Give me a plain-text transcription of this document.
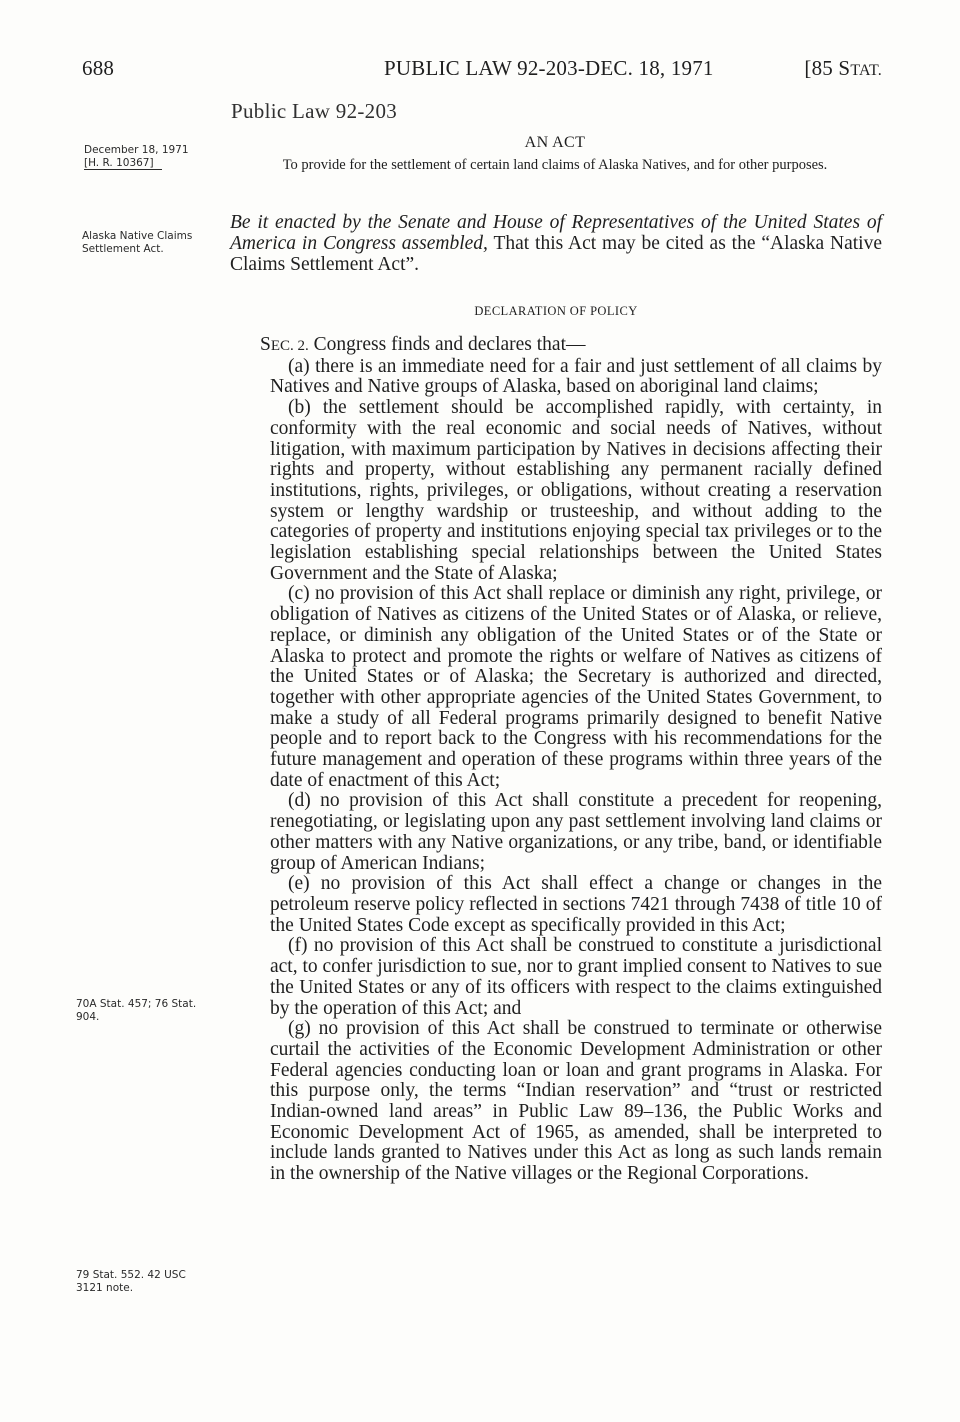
688	PUBLIC LAW 92-203-DEC. 18, 1971	[85 STAT.
Public Law 92-203
AN ACT
To provide for the settlement of certain land claims of Alaska Natives, and for other purposes.
December 18, 1971
[H. R. 10367]
Alaska Native Claims Settlement Act.
70A Stat. 457; 76 Stat. 904.
79 Stat. 552. 42 USC 3121 note.
Be it enacted by the Senate and House of Representatives of the United States of America in Congress assembled, That this Act may be cited as the “Alaska Native Claims Settlement Act”.
DECLARATION OF POLICY

SEC. 2. Congress finds and declares that—

(a) there is an immediate need for a fair and just settlement of all claims by Natives and Native groups of Alaska, based on aboriginal land claims;

(b) the settlement should be accomplished rapidly, with certainty, in conformity with the real economic and social needs of Natives, without litigation, with maximum participation by Natives in decisions affecting their rights and property, without establishing any permanent racially defined institutions, rights, privileges, or obligations, without creating a reservation system or lengthy wardship or trusteeship, and without adding to the categories of property and institutions enjoying special tax privileges or to the legislation establishing special relationships between the United States Government and the State of Alaska;

(c) no provision of this Act shall replace or diminish any right, privilege, or obligation of Natives as citizens of the United States or of Alaska, or relieve, replace, or diminish any obligation of the United States or of the State or Alaska to protect and promote the rights or welfare of Natives as citizens of the United States or of Alaska; the Secretary is authorized and directed, together with other appropriate agencies of the United States Government, to make a study of all Federal programs primarily designed to benefit Native people and to report back to the Congress with his recommendations for the future management and operation of these programs within three years of the date of enactment of this Act;

(d) no provision of this Act shall constitute a precedent for reopening, renegotiating, or legislating upon any past settlement involving land claims or other matters with any Native organizations, or any tribe, band, or identifiable group of American Indians;

(e) no provision of this Act shall effect a change or changes in the petroleum reserve policy reflected in sections 7421 through 7438 of title 10 of the United States Code except as specifically provided in this Act;

(f) no provision of this Act shall be construed to constitute a jurisdictional act, to confer jurisdiction to sue, nor to grant implied consent to Natives to sue the United States or any of its officers with respect to the claims extinguished by the operation of this Act; and

(g) no provision of this Act shall be construed to terminate or otherwise curtail the activities of the Economic Development Administration or other Federal agencies conducting loan or loan and grant programs in Alaska. For this purpose only, the terms “Indian reservation” and “trust or restricted Indian-owned land areas” in Public Law 89–136, the Public Works and Economic Development Act of 1965, as amended, shall be interpreted to include lands granted to Natives under this Act as long as such lands remain in the ownership of the Native villages or the Regional Corporations.
